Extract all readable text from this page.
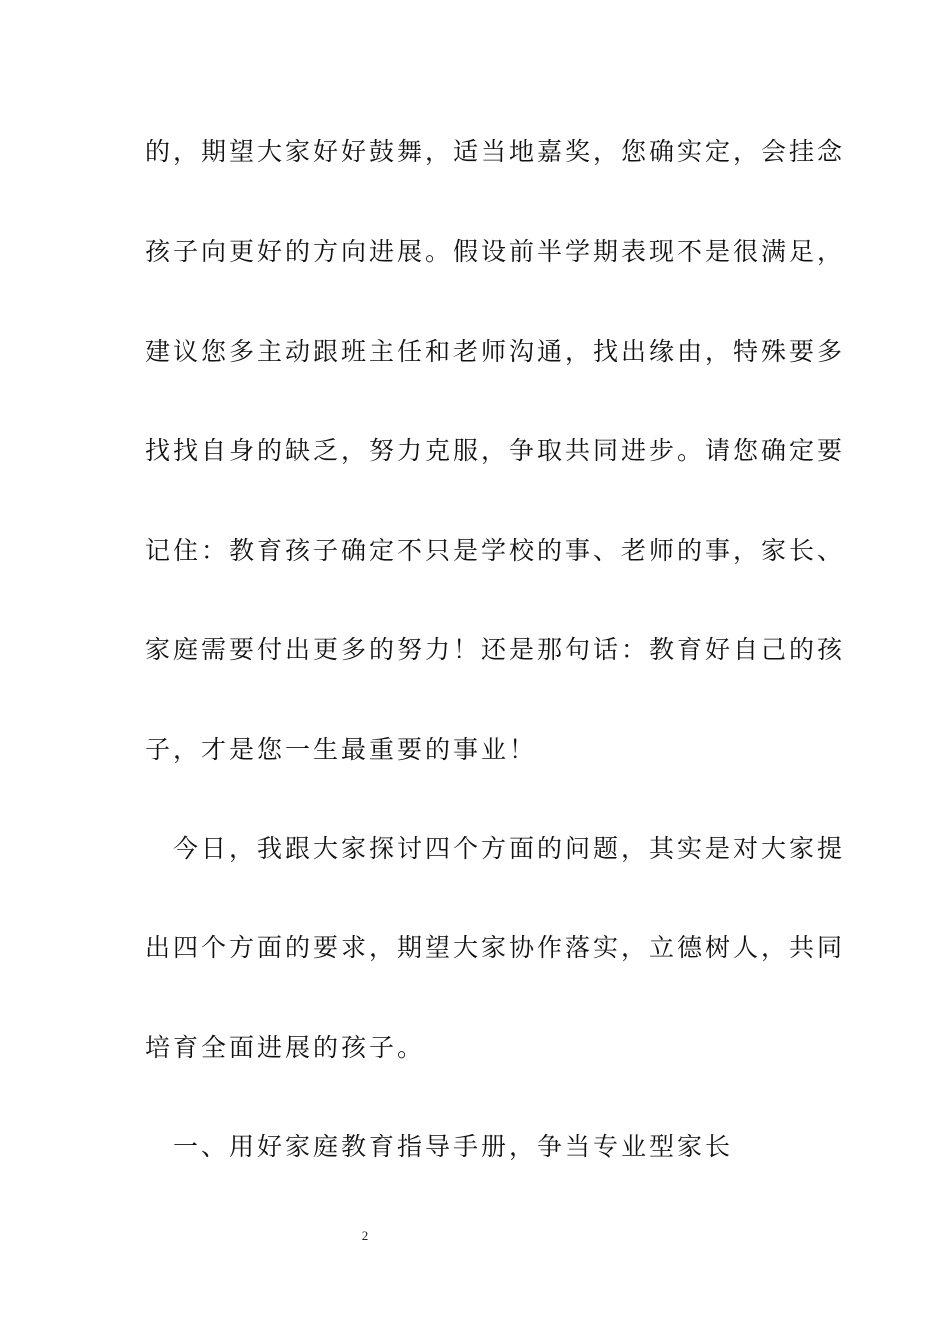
的，期望大家好好鼓舞，适当地嘉奖，您确实定，会挂念
孩子向更好的方向进展。假设前半学期表现不是很满足，
建议您多主动跟班主任和老师沟通，找出缘由，特殊要多
找找自身的缺乏，努力克服，争取共同进步。请您确定要
记住：教育孩子确定不只是学校的事、老师的事，家长、
家庭需要付出更多的努力！还是那句话：教育好自己的孩
子，才是您一生最重要的事业！
　今日，我跟大家探讨四个方面的问题，其实是对大家提
出四个方面的要求，期望大家协作落实，立德树人，共同
培育全面进展的孩子。
　一、用好家庭教育指导手册，争当专业型家长
2
